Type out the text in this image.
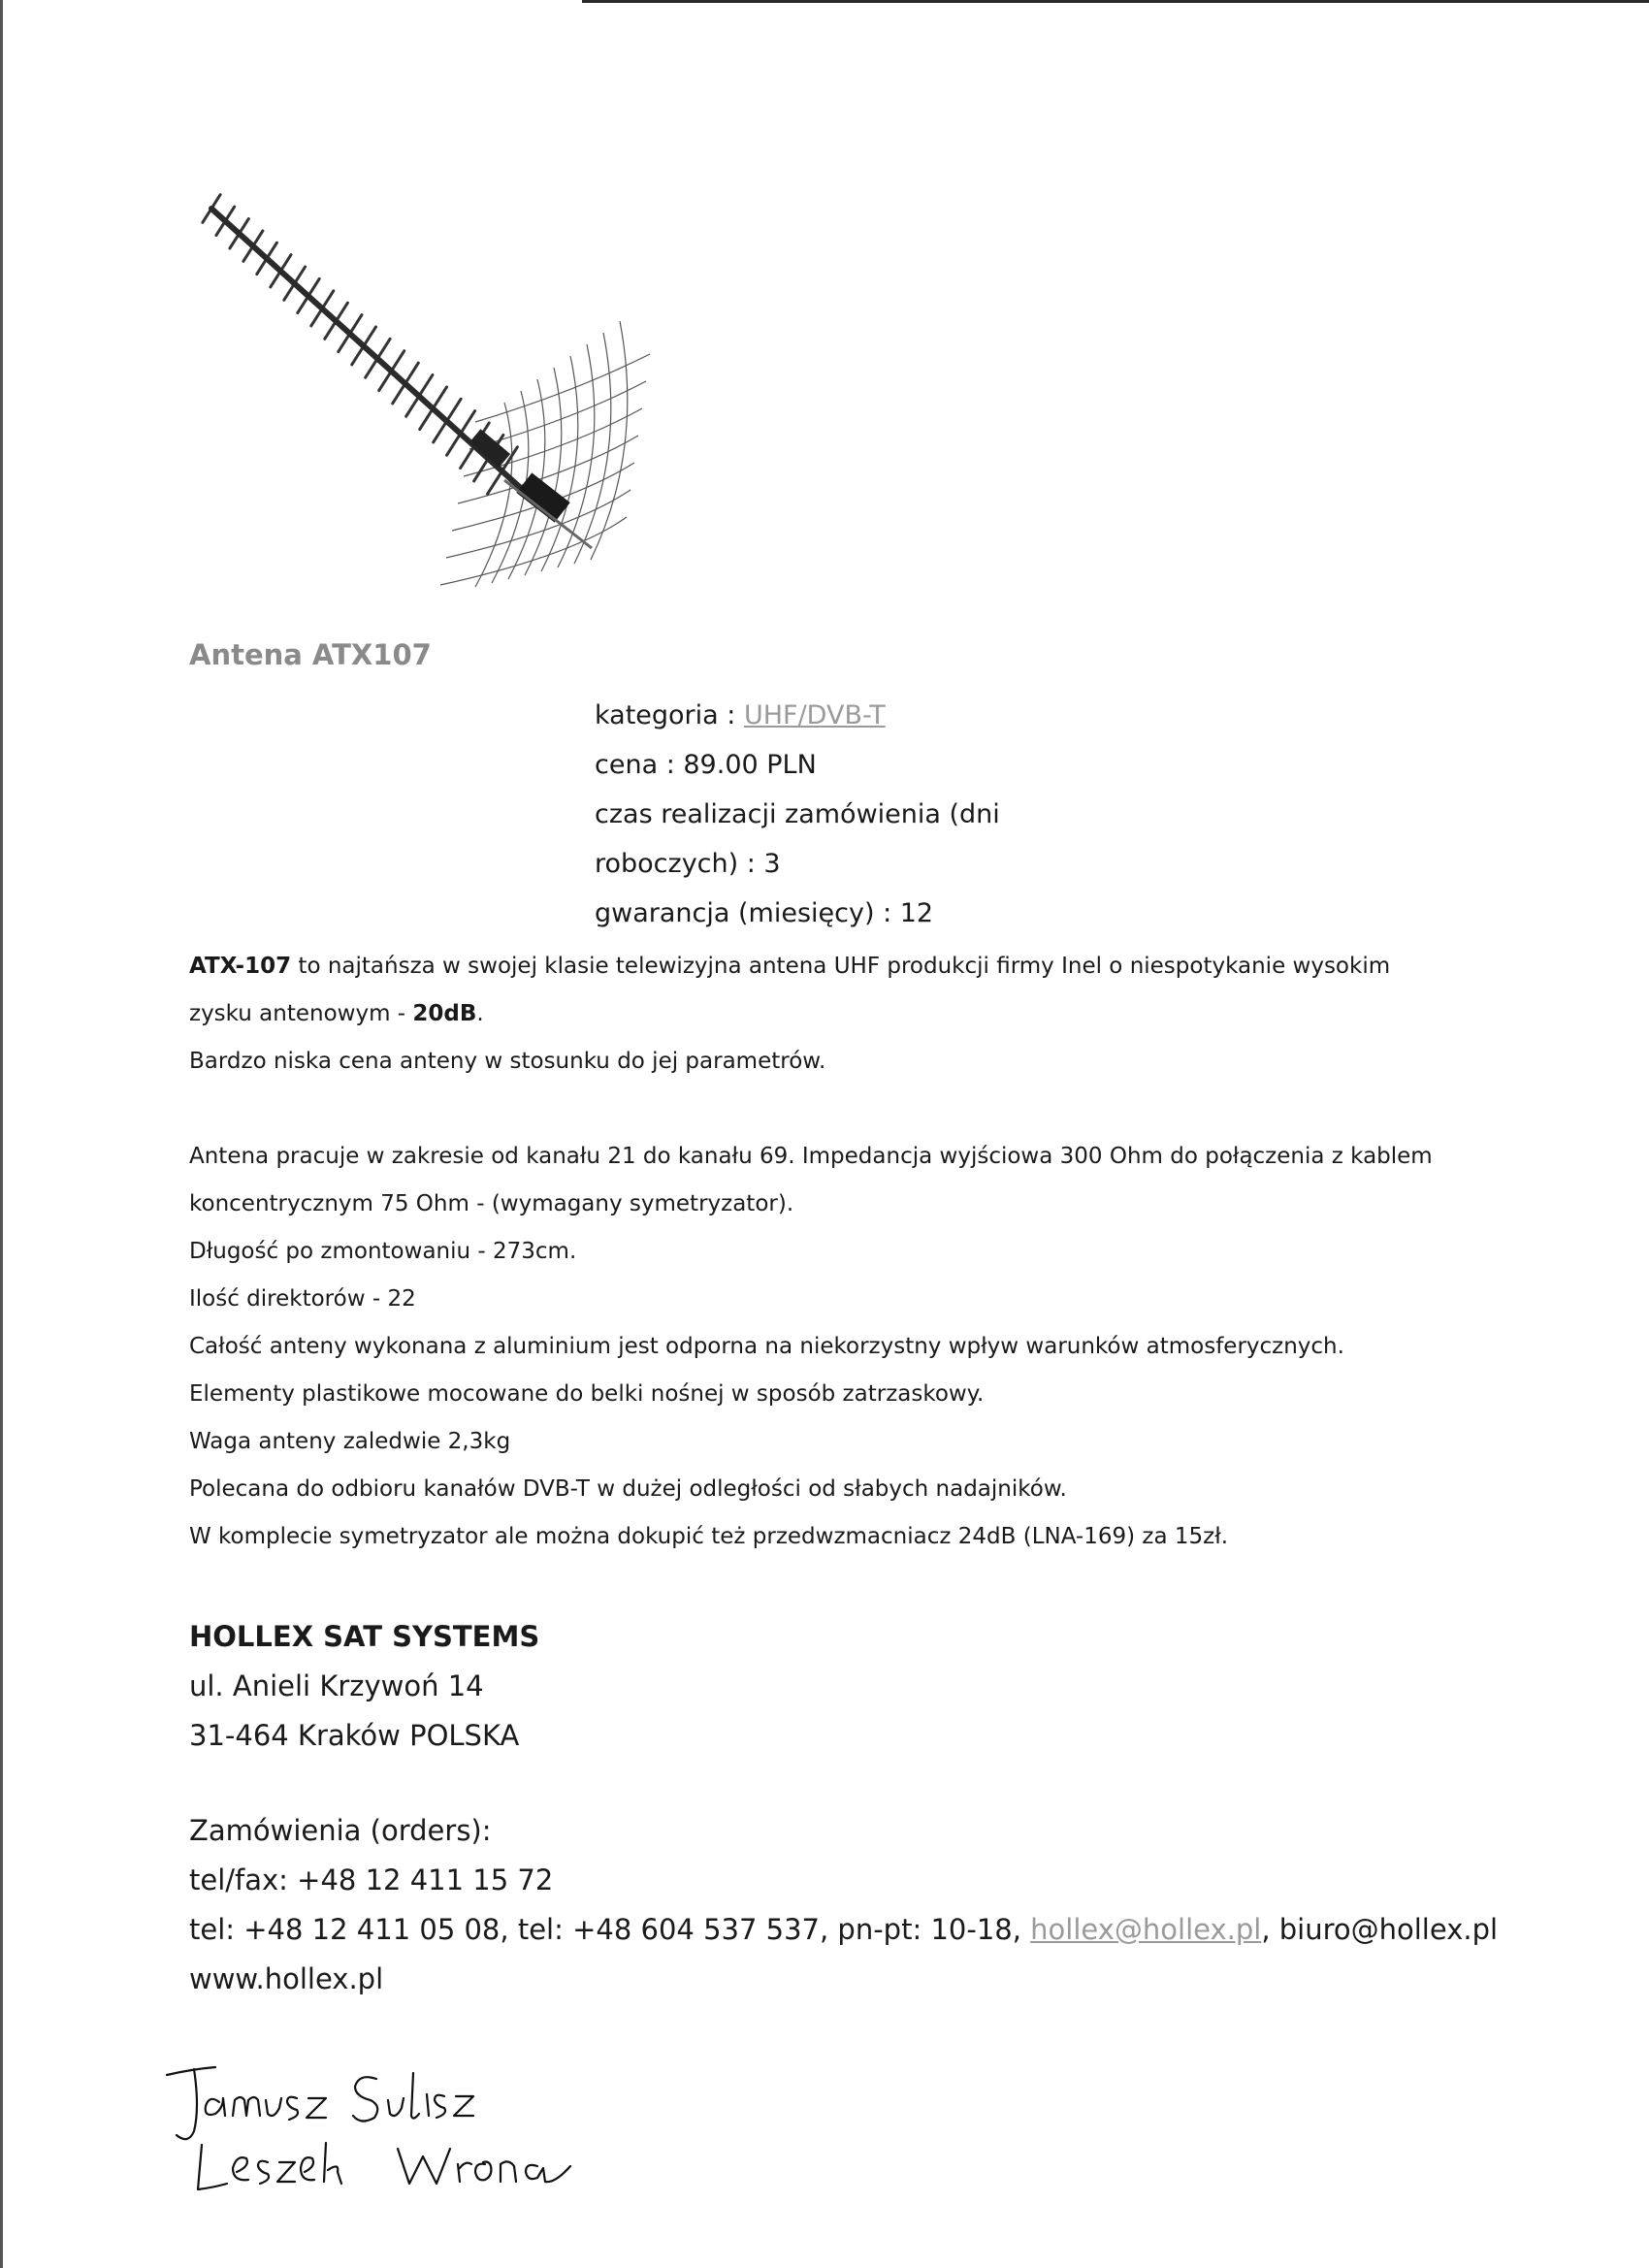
Antena ATX107
kategoria : UHF/DVB-T
cena : 89.00 PLN
czas realizacji zamówienia (dni
roboczych) : 3
gwarancja (miesięcy) : 12

ATX-107 to najtańsza w swojej klasie telewizyjna antena UHF produkcji firmy Inel o niespotykanie wysokim

zysku antenowym - 20dB.

Bardzo niska cena anteny w stosunku do jej parametrów.

Antena pracuje w zakresie od kanału 21 do kanału 69. Impedancja wyjściowa 300 Ohm do połączenia z kablem

koncentrycznym 75 Ohm - (wymagany symetryzator).

Długość po zmontowaniu - 273cm.

Ilość direktorów - 22

Całość anteny wykonana z aluminium jest odporna na niekorzystny wpływ warunków atmosferycznych.

Elementy plastikowe mocowane do belki nośnej w sposób zatrzaskowy.

Waga anteny zaledwie 2,3kg

Polecana do odbioru kanałów DVB-T w dużej odległości od słabych nadajników.

W komplecie symetryzator ale można dokupić też przedwzmacniacz 24dB (LNA-169) za 15zł.

HOLLEX SAT SYSTEMS
ul. Anieli Krzywoń 14
31-464 Kraków POLSKA
Zamówienia (orders):
tel/fax: +48 12 411 15 72
tel: +48 12 411 05 08, tel: +48 604 537 537, pn-pt: 10-18, hollex@hollex.pl, biuro@hollex.pl
www.hollex.pl
